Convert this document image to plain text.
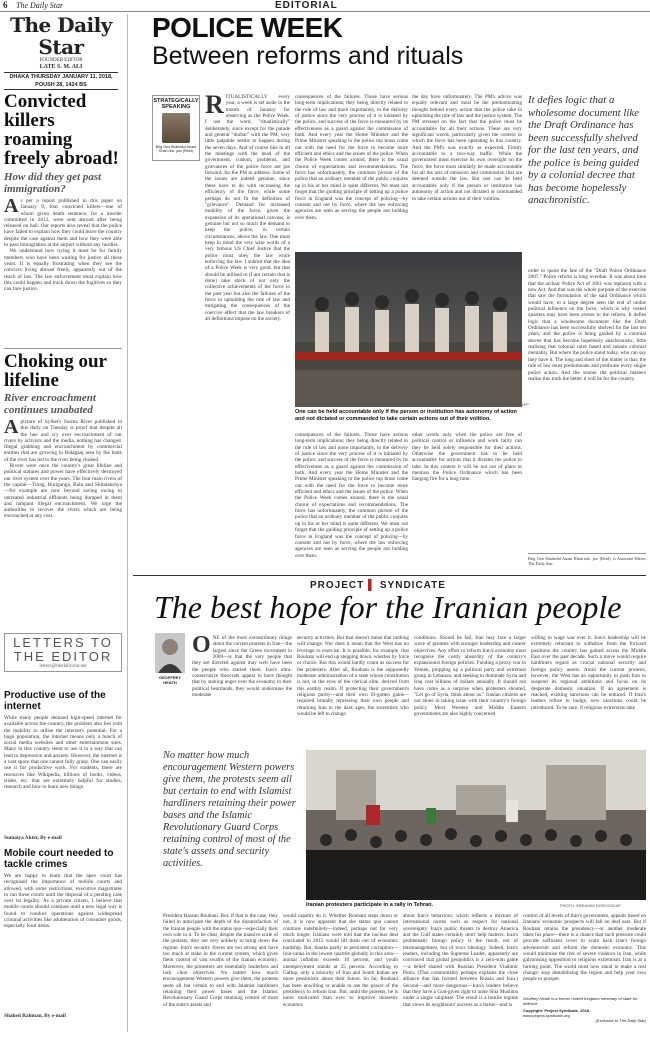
6 The Daily Star	EDITORIAL
The Daily Star
FOUNDER EDITOR
LATE S. M. ALI
DHAKA THURSDAY JANUARY 11, 2018, POUSH 28, 1424 BS
Convicted killers roaming freely abroad!
How did they get past immigration?
A s per a report published in this paper on January 9, four convicted killers—one of whom given death sentence, for a murder committed in 2012, were sent abroad after being released on bail. Our reports also reveal that the police have failed to explain how they could leave the country despite the case against them and how they were able to pass immigration at the airport without any hurdles.
We understand how trying it must be for family members who have been waiting for justice all these years. It is equally frustrating when they see the convicts living abroad freely, apparently out of the reach of law. The law enforcement must explain how this could happen and track down the fugitives so they can face justice.
Choking our lifeline
River encroachment continues unabated
A picture of Sylhet's Surma River published in this daily on Tuesday is proof that despite all the hue and cry over encroachment of our rivers by activists and the media, nothing has changed. Illegal grabbing and encroachment by commercial entities that are growing in Balaganj area by the bank of the river has led to the river being choked.
Rivers were once the country's great lifeline and political statures and power have effectively destroyed our river system over the years. The four main rivers of the capital—Turag, Buriganga, Balu and Shitalakshya—for example are now beyond saving owing to untreated industrial effluents being dumped in them and rampant illegal encroachment. We urge the authorities to recover the rivers which are being encroached at any cost.
LETTERS TO THE EDITOR
letters@thedailystar.net
Productive use of the internet
While many people demand high-speed internet for available across the country, the problem also lies with the inability to utilise the internet's potential. For a huge population, the internet means only a bunch of social media websites and other entertainment sites. Many in this country seem to use it in a way that can lead to depression and anxiety. However, the internet is a vast space that one cannot fully grasp. One can easily use it for productive work. For students, there are resources like Wikipedia, billions of books, videos, slides, etc. that are extremely helpful for studies, research and how to learn new things.
Sumaiya Akter, By e-mail
Mobile court needed to tackle crimes
We are happy to learn that the apex court has recognised the importance of mobile courts and allowed, with some restrictions, executive magistrates to run these courts until the disposal of a pending case over its legality. As a private citizen, I believe that mobile courts should continue until a new legal way is found to conduct operations against widespread criminal activities like adulteration of consumer goods, especially food items.
Shahed Rahman, By e-mail
POLICE WEEK
Between reforms and rituals
STRATEGICALLY SPEAKING
Brig Gen Shahedul Anam Khan ndc, psc (Retd)
R ITUALISTICALLY every year, a week is set aside in the month of January for observing as the Police Week. I use the word, "ritualistically" deliberately, since except for the parade and general "durbar" with the PM, very little palpable seems to happen during the seven days. And of course like in all the meetings with the head of the government, custom, problems, and grievances of the police force are put forward, for the PM to address. Some of the issues are indeed genuine, since these have to do with increasing the efficiency of the force, while some perhaps do not fit the definition of "grievance". Demand for increased mobility of the force, given the expansion of its operational canvass, is genuine but not so much the demand to keep the police, in certain circumstances, above the law. One must keep in mind the very wise words of a very famous US Chief Justice that the police must obey the law while enforcing the law. I submit that the idea of a Police Week is very good, but that should be utilised to (I am certain that is done) take stock of not only the collective achievements of the force in the past year but also the failures of the force in upholding the rule of law and mitigating the consequences of the coercive effect that the law breakers of all definitions impose on the society.
consequences of the failures. Those have serious long-term implications; they being directly related to the rule of law and more importantly, to the delivery of justice since the very process of it is initiated by the police, and success of the force is measured by its effectiveness as a guard against the commission of both. And every year the Home Minister and the Prime Minister speaking to the police top brass come out with the need for the force to become more efficient and ethics and the issues of the police. When the Police Week comes around, there is the usual chorus of expectations and recommendations. The force has unfortunately, the common picture of the police that an ordinary member of the public conjures up in his or her mind is quite different. We must not forget that the guiding principle of setting up a police force in England was the concept of policing—by consent and not by force, where the law enforcing agencies are seen as serving the people not holding over them.
the day have unfortunately. The PM's advice was equally relevant and must be the predominating thought behind every action that the police take in upholding the rule of law and the justice system. The PM stressed on the fact that the police must be accountable for all their actions. These are very significant words, particularly given the context in which the force has been operating in this country. And the PM's was exactly as expected. Firmly accountable to a two-way traffic. While the government must exercise its own oversight on the force, the force must similarly be made accountable for all the acts of omission and commission that are deemed outside the law. But one can be held accountable only if the person or institution has autonomy of action and not dictated or commanded to take certain actions out of their volition.
One can be held accountable only if the person or institution has autonomy of action and not dictated or commanded to take certain actions out of their volition.
PHOTO: AFP
consequences of the failures. Those have serious long-term implications; they being directly related to the rule of law and more importantly, to the delivery of justice since the very process of it is initiated by the police, and success of the force is measured by its effectiveness as a guard against the commission of both. And every year the Home Minister and the Prime Minister speaking to the police top brass come out with the need for the force to become more efficient and ethics and the issues of the police. When the Police Week comes around, there is the usual chorus of expectations and recommendations. The force has unfortunately, the common picture of the police that an ordinary member of the public conjures up in his or her mind is quite different. We must not forget that the guiding principle of setting up a police force in England was the concept of policing—by consent and not by force, where the law enforcing agencies are seen as serving the people not holding over them.
other words only when the police are free of political control or influence and work fairly can they be held solely responsible for their actions. Otherwise the government has to be held accountable for actions that it dictates the police to take. In this context it will be not out of place to mention the Police Ordinance which has been hanging fire for a long time.
It defies logic that a wholesome document like the Draft Ordinance has been successfully shelved for the last ten years, and the police is being guided by a colonial decree that has become hopelessly anachronistic.
order to quote the fate of the "Draft Police Ordinance 2007." Police reform is long overdue. It was about time that the archaic Police Act of 1861 was replaced with a new Act. And that was the whole purpose of the exercise that saw the formulation of the said Ordinance which would have, to a large degree seen the end of undue political influence on the force, which is why vested quarters may have been averse to the reform. It defies logic that a wholesome document like the Draft Ordinance has been successfully shelved for the last ten years, and the police is being guided by a colonial decree that has become hopelessly anachronistic, little realising that colonial rules based and sustain colonial mentality. But where the police stand today, who can say they have it. The long and short of the matter is that, the rule of law must predominate and predicate every single police action. And the sooner the political masters realise this truth the better it will be for the country.
Brig Gen Shahedul Anam Khan ndc, psc (Retd), is Associate Editor, The Daily Star.
PROJECT ▌ SYNDICATE
The best hope for the Iranian people
GEOFFREY HEATH
O NE of the most extraordinary things about the current protests in Iran—the largest since the Green movement in 2009—is that the very people that they are directed against may well have been the people who started them. Iran's ultra-conservative theocrats appear to have thought that by stoking anger over the economy in their political heartlands, they would undermine the moderate
security activities. But that doesn't mean that nothing will change. Nor does it mean that the West has no leverage to exercise. It is possible, for example, that Rouhani will end up stepping down, whether by force or choice. But this would hardly count as success for the protesters. After all, Rouhani is the supposedly moderate administration of a state whose constitution is not, in the eyes of the clerical elite, derived from this earthly realm. If protecting their government's religious purity—and their own ill-gotten gains—required brutally repressing their own people and returning Iran to the dark ages, the extremists who would be left to change
conditions. Should he fail, Iran may face a larger wave of protests with stronger leadership and clearer objectives. Any effort to reform Iran's economy must recognise the costly absurdity of the country's expansionist foreign policies. Funding a proxy war in Yemen, propping up a political party and extremist group in Lebanon, and seeking to dominate Syria and Iraq cost billions of dollars annually. It should not have come as a surprise when protesters shouted, "Let go of Syria, think about us." Iranian citizens are not alone in taking issue with their country's foreign policy. Most Western and Middle Eastern governments are also highly concerned
willing to wage war over it. Iran's leadership will be extremely reluctant to withdraw from the forward positions the country has gained across the Middle East over the past decade. Such a move would require hardliners regard as crucial national security and foreign policy assets. Amid the current protests, however, the West has an opportunity to push Iran to suspend its regional ambitions and focus on its desperate domestic situation. If an agreement is reached, existing sanctions can be reduced. If Iran's leaders refuse to budge, new sanctions could be introduced. To be sure, if religious extremists take
No matter how much encouragement Western powers give them, the protests seem all but certain to end with Islamist hardliners retaining their power bases and the Islamic Revolutionary Guard Corps retaining control of most of the state's assets and security activities.
Iranian protesters participate in a rally in Tehran.	PHOTO: EBRAHIM NOROOZI/AP
President Hassan Rouhani. But, if that is the case, they failed to anticipate the depth of the dissatisfaction of the Iranian people with the status quo—especially their own role in it. To be clear, despite the massive scale of the protests, they are very unlikely to bring down the regime. Iran's security forces are too strong and have too much at stake in the current system, which gives them control of vast swaths of the Iranian economy. Moreover, the protesters are essentially leaderless and lack clear objectives. No matter how much encouragement Western powers give them, the protests seem all but certain to end with Islamist hardliners retaining their power bases and the Islamic Revolutionary Guard Corps retaining control of most of the state's assets and
would capably do it. Whether Rouhani steps down or not, it is now apparent that the status quo cannot continue indefinitely—indeed, perhaps not for very much longer. Iranians were told that the nuclear deal concluded in 2015 would lift them out of economic hardship. But, thanks partly to persistent corruption—four-ranks in the lowest quartile globally in this area—annual inflation exceeds 10 percent, and youth unemployment stands at 25 percent. According to Gallup, only a minority of Iran and South Indian are more pessimistic about their future. So far, Rouhani has been unwilling or unable to use the power of the presidency to reform Iran. But, amid the protests, he is more motivated than ever to improve domestic economic
about Iran's behaviour, which reflects a mixture of international norms such as respect for national sovereignty. Iran's public threats to destroy America and the Gulf states certainly don't help matters. Iran's problematic foreign policy is the result, not of mismanagement, but of toxic ideology. Indeed, Iran's leaders, including the Supreme Leader, apparently are convinced that global geopolitics is a zero-sum game—a belief shared with Russian President Vladimir Putin. (That commonality perhaps explains the close alliance that has formed between Russia and Iran.) Second—and more dangerous—Iran's leaders believe that they have a God-given right to unite Shia Muslims under a single caliphate. The result is a hostile regime that views its neighbours' success as a threat—and is
control of all levels of Iran's government, appeals based on Iranians' economic prospects will fall on deaf ears. But if Rouhani retains the presidency—or another moderate takes his place—there is a chance that such pressure could provide sufficient cover to scale back Iran's foreign adventurism and reform the domestic economy. This would minimise the risk of severe violence in Iran, while galvanising opposition to religious extremism. Iran is at a turning point. The world must now stand to make a real change: stop destabilising the region and help your own people to prosper.
Geoffrey Heath is a former United Kingdom secretary of state for defence.
Copyright: Project Syndicate, 2018.
www.project-syndicate.org
(Exclusive to The Daily Star)
